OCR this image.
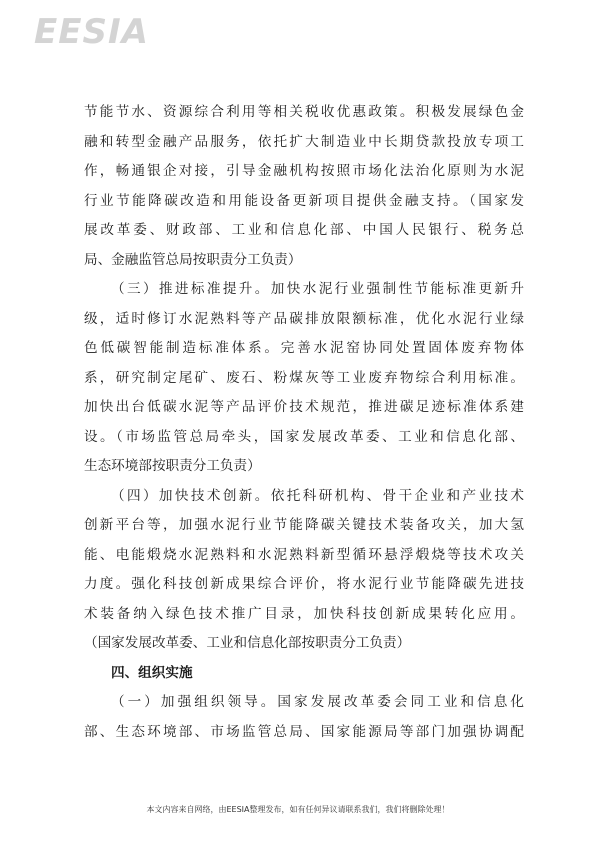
EESIA
节能节水、资源综合利用等相关税收优惠政策。积极发展绿色金
融和转型金融产品服务，依托扩大制造业中长期贷款投放专项工
作，畅通银企对接，引导金融机构按照市场化法治化原则为水泥
行业节能降碳改造和用能设备更新项目提供金融支持。（国家发
展改革委、财政部、工业和信息化部、中国人民银行、税务总
局、金融监管总局按职责分工负责）
（三）推进标准提升。加快水泥行业强制性节能标准更新升
级，适时修订水泥熟料等产品碳排放限额标准，优化水泥行业绿
色低碳智能制造标准体系。完善水泥窑协同处置固体废弃物体
系，研究制定尾矿、废石、粉煤灰等工业废弃物综合利用标准。
加快出台低碳水泥等产品评价技术规范，推进碳足迹标准体系建
设。（市场监管总局牵头，国家发展改革委、工业和信息化部、
生态环境部按职责分工负责）
（四）加快技术创新。依托科研机构、骨干企业和产业技术
创新平台等，加强水泥行业节能降碳关键技术装备攻关，加大氢
能、电能煅烧水泥熟料和水泥熟料新型循环悬浮煅烧等技术攻关
力度。强化科技创新成果综合评价，将水泥行业节能降碳先进技
术装备纳入绿色技术推广目录，加快科技创新成果转化应用。
（国家发展改革委、工业和信息化部按职责分工负责）
四、组织实施
（一）加强组织领导。国家发展改革委会同工业和信息化
部、生态环境部、市场监管总局、国家能源局等部门加强协调配
本文内容来自网络，由EESIA整理发布，如有任何异议请联系我们，我们将删除处理！
